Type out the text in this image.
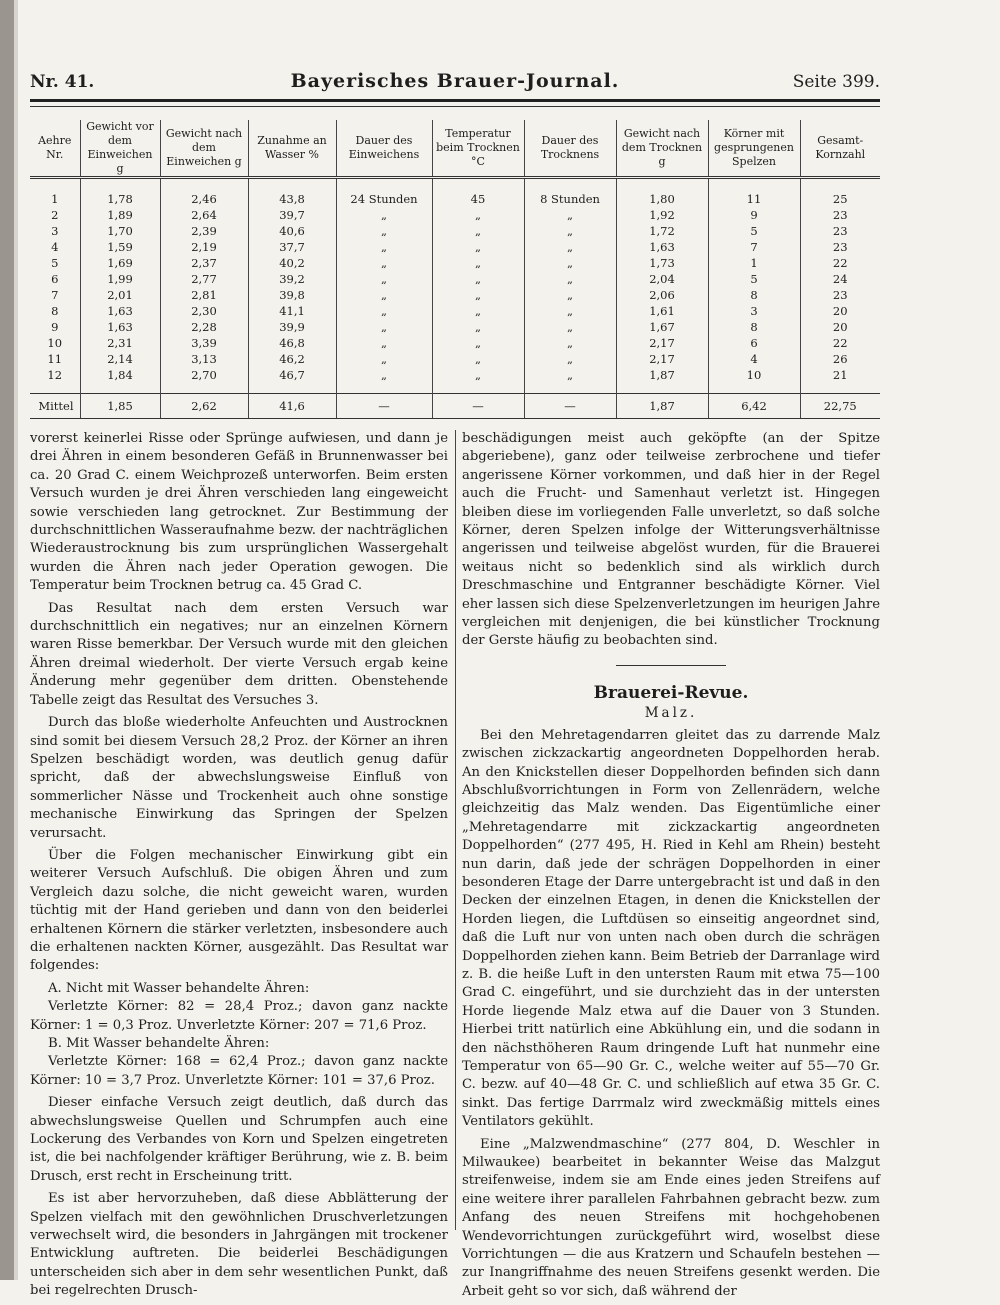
Nr. 41.	Bayerisches Brauer-Journal.	Seite 399.
Aehre Nr.	Gewicht vor dem Einweichen g	Gewicht nach dem Einweichen g	Zunahme an Wasser %	Dauer des Einweichens	Temperatur beim Trocknen °C	Dauer des Trocknens	Gewicht nach dem Trocknen g	Körner mit gesprungenen Spelzen	Gesamt-Kornzahl
1	1,78	2,46	43,8	24 Stunden	45	8 Stunden	1,80	11	25
2	1,89	2,64	39,7	„	„	„	1,92	9	23
3	1,70	2,39	40,6	„	„	„	1,72	5	23
4	1,59	2,19	37,7	„	„	„	1,63	7	23
5	1,69	2,37	40,2	„	„	„	1,73	1	22
6	1,99	2,77	39,2	„	„	„	2,04	5	24
7	2,01	2,81	39,8	„	„	„	2,06	8	23
8	1,63	2,30	41,1	„	„	„	1,61	3	20
9	1,63	2,28	39,9	„	„	„	1,67	8	20
10	2,31	3,39	46,8	„	„	„	2,17	6	22
11	2,14	3,13	46,2	„	„	„	2,17	4	26
12	1,84	2,70	46,7	„	„	„	1,87	10	21
Mittel	1,85	2,62	41,6	—	—	—	1,87	6,42	22,75

vorerst keinerlei Risse oder Sprünge aufwiesen, und dann je drei Ähren in einem besonderen Gefäß in Brunnenwasser bei ca. 20 Grad C. einem Weichprozeß unterworfen. Beim ersten Versuch wurden je drei Ähren verschieden lang eingeweicht sowie verschieden lang getrocknet. Zur Bestimmung der durchschnittlichen Wasseraufnahme bezw. der nachträglichen Wiederaustrocknung bis zum ursprünglichen Wassergehalt wurden die Ähren nach jeder Operation gewogen. Die Temperatur beim Trocknen betrug ca. 45 Grad C.

Das Resultat nach dem ersten Versuch war durchschnittlich ein negatives; nur an einzelnen Körnern waren Risse bemerkbar. Der Versuch wurde mit den gleichen Ähren dreimal wiederholt. Der vierte Versuch ergab keine Änderung mehr gegenüber dem dritten. Obenstehende Tabelle zeigt das Resultat des Versuches 3.

Durch das bloße wiederholte Anfeuchten und Austrocknen sind somit bei diesem Versuch 28,2 Proz. der Körner an ihren Spelzen beschädigt worden, was deutlich genug dafür spricht, daß der abwechslungsweise Einfluß von sommerlicher Nässe und Trockenheit auch ohne sonstige mechanische Einwirkung das Springen der Spelzen verursacht.

Über die Folgen mechanischer Einwirkung gibt ein weiterer Versuch Aufschluß. Die obigen Ähren und zum Vergleich dazu solche, die nicht geweicht waren, wurden tüchtig mit der Hand gerieben und dann von den beiderlei erhaltenen Körnern die stärker verletzten, insbesondere auch die erhaltenen nackten Körner, ausgezählt. Das Resultat war folgendes:

A. Nicht mit Wasser behandelte Ähren:

Verletzte Körner: 82 = 28,4 Proz.; davon ganz nackte Körner: 1 = 0,3 Proz. Unverletzte Körner: 207 = 71,6 Proz.

B. Mit Wasser behandelte Ähren:

Verletzte Körner: 168 = 62,4 Proz.; davon ganz nackte Körner: 10 = 3,7 Proz. Unverletzte Körner: 101 = 37,6 Proz.

Dieser einfache Versuch zeigt deutlich, daß durch das abwechslungsweise Quellen und Schrumpfen auch eine Lockerung des Verbandes von Korn und Spelzen eingetreten ist, die bei nachfolgender kräftiger Berührung, wie z. B. beim Drusch, erst recht in Erscheinung tritt.

Es ist aber hervorzuheben, daß diese Abblätterung der Spelzen vielfach mit den gewöhnlichen Druschverletzungen verwechselt wird, die besonders in Jahrgängen mit trockener Entwicklung auftreten. Die beiderlei Beschädigungen unterscheiden sich aber in dem sehr wesentlichen Punkt, daß bei regelrechten Drusch-

beschädigungen meist auch geköpfte (an der Spitze abgeriebene), ganz oder teilweise zerbrochene und tiefer angerissene Körner vorkommen, und daß hier in der Regel auch die Frucht- und Samenhaut verletzt ist. Hingegen bleiben diese im vorliegenden Falle unverletzt, so daß solche Körner, deren Spelzen infolge der Witterungsverhältnisse angerissen und teilweise abgelöst wurden, für die Brauerei weitaus nicht so bedenklich sind als wirklich durch Dreschmaschine und Entgranner beschädigte Körner. Viel eher lassen sich diese Spelzenverletzungen im heurigen Jahre vergleichen mit denjenigen, die bei künstlicher Trocknung der Gerste häufig zu beobachten sind.

Brauerei-Revue.
Malz.

Bei den Mehretagendarren gleitet das zu darrende Malz zwischen zickzackartig angeordneten Doppelhorden herab. An den Knickstellen dieser Doppelhorden befinden sich dann Abschlußvorrichtungen in Form von Zellenrädern, welche gleichzeitig das Malz wenden. Das Eigentümliche einer „Mehretagendarre mit zickzackartig angeordneten Doppelhorden“ (277 495, H. Ried in Kehl am Rhein) besteht nun darin, daß jede der schrägen Doppelhorden in einer besonderen Etage der Darre untergebracht ist und daß in den Decken der einzelnen Etagen, in denen die Knickstellen der Horden liegen, die Luftdüsen so einseitig angeordnet sind, daß die Luft nur von unten nach oben durch die schrägen Doppelhorden ziehen kann. Beim Betrieb der Darranlage wird z. B. die heiße Luft in den untersten Raum mit etwa 75—100 Grad C. eingeführt, und sie durchzieht das in der untersten Horde liegende Malz etwa auf die Dauer von 3 Stunden. Hierbei tritt natürlich eine Abkühlung ein, und die sodann in den nächsthöheren Raum dringende Luft hat nunmehr eine Temperatur von 65—90 Gr. C., welche weiter auf 55—70 Gr. C. bezw. auf 40—48 Gr. C. und schließlich auf etwa 35 Gr. C. sinkt. Das fertige Darrmalz wird zweckmäßig mittels eines Ventilators gekühlt.

Eine „Malzwendmaschine“ (277 804, D. Weschler in Milwaukee) bearbeitet in bekannter Weise das Malzgut streifenweise, indem sie am Ende eines jeden Streifens auf eine weitere ihrer parallelen Fahrbahnen gebracht bezw. zum Anfang des neuen Streifens mit hochgehobenen Wendevorrichtungen zurückgeführt wird, woselbst diese Vorrichtungen — die aus Kratzern und Schaufeln bestehen — zur Inangriffnahme des neuen Streifens gesenkt werden. Die Arbeit geht so vor sich, daß während der
